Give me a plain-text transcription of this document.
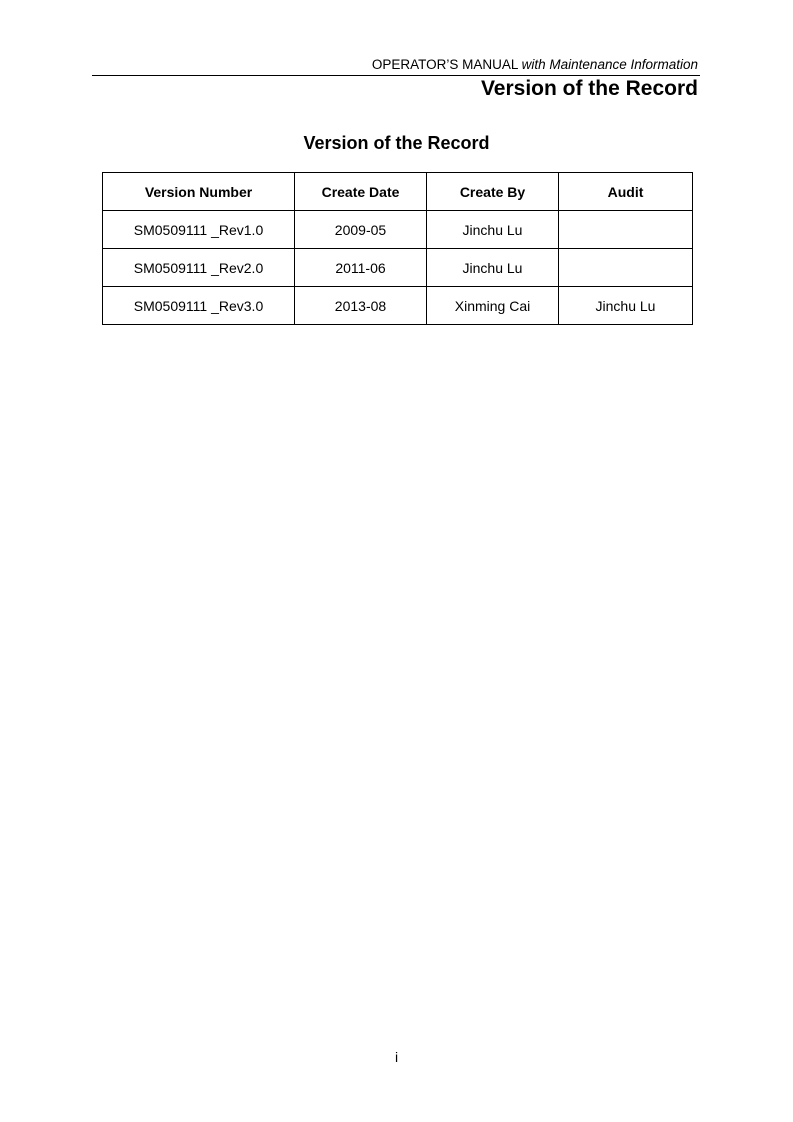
OPERATOR’S MANUAL with Maintenance Information
Version of the Record
Version of the Record
Version Number	Create Date	Create By	Audit
SM0509111 _Rev1.0	2009-05	Jinchu Lu	
SM0509111 _Rev2.0	2011-06	Jinchu Lu	
SM0509111 _Rev3.0	2013-08	Xinming Cai	Jinchu Lu
i
